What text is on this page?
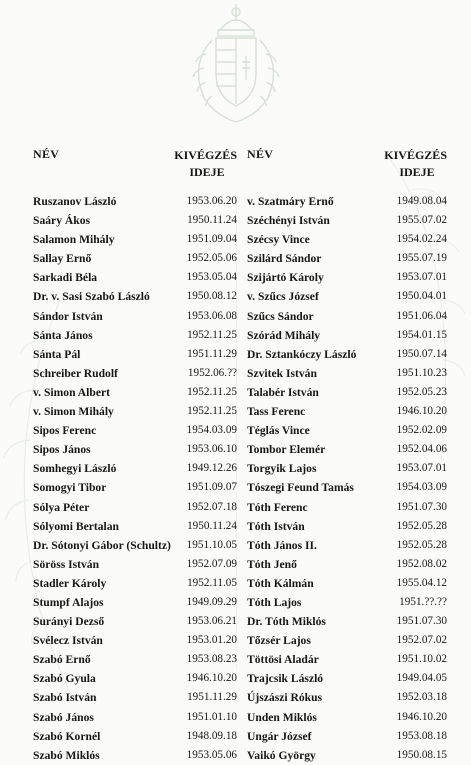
NÉV	KIVÉGZÉS
IDEJE
Ruszanov László	1953.06.20
Saáry Ákos	1950.11.24
Salamon Mihály	1951.09.04
Sallay Ernő	1952.05.06
Sarkadi Béla	1953.05.04
Dr. v. Sasi Szabó László	1950.08.12
Sándor István	1953.06.08
Sánta János	1952.11.25
Sánta Pál	1951.11.29
Schreiber Rudolf	1952.06.??
v. Simon Albert	1952.11.25
v. Simon Mihály	1952.11.25
Sipos Ferenc	1954.03.09
Sipos János	1953.06.10
Somhegyi László	1949.12.26
Somogyi Tibor	1951.09.07
Sólya Péter	1952.07.18
Sólyomi Bertalan	1950.11.24
Dr. Sótonyi Gábor (Schultz) 1951.10.05
Söröss István	1952.07.09
Stadler Károly	1952.11.05
Stumpf Alajos	1949.09.29
Surányi Dezső	1953.06.21
Svélecz István	1953.01.20
Szabó Ernő	1953.08.23
Szabó Gyula	1946.10.20
Szabó István	1951.11.29
Szabó János	1951.01.10
Szabó Kornél	1948.09.18
Szabó Miklós	1953.05.06
NÉV	KIVÉGZÉS
IDEJE
v. Szatmáry Ernő	1949.08.04
Széchényi István	1955.07.02
Szécsy Vince	1954.02.24
Szilárd Sándor	1955.07.19
Szijártó Károly	1953.07.01
v. Szűcs József	1950.04.01
Szűcs Sándor	1951.06.04
Szórád Mihály	1954.01.15
Dr. Sztankóczy László	1950.07.14
Szvitek István	1951.10.23
Talabér István	1952.05.23
Tass Ferenc	1946.10.20
Téglás Vince	1952.02.09
Tombor Elemér	1952.04.06
Torgyik Lajos	1953.07.01
Tószegi Feund Tamás	1954.03.09
Tóth Ferenc	1951.07.30
Tóth István	1952.05.28
Tóth János II.	1952.05.28
Tóth Jenő	1952.08.02
Tóth Kálmán	1955.04.12
Tóth Lajos	1951.??.??
Dr. Tóth Miklós	1951.07.30
Tőzsér Lajos	1952.07.02
Töttösi Aladár	1951.10.02
Trajcsik László	1949.04.05
Újszászi Rókus	1952.03.18
Unden Miklós	1946.10.20
Ungár József	1953.08.18
Vaikó György	1950.08.15
